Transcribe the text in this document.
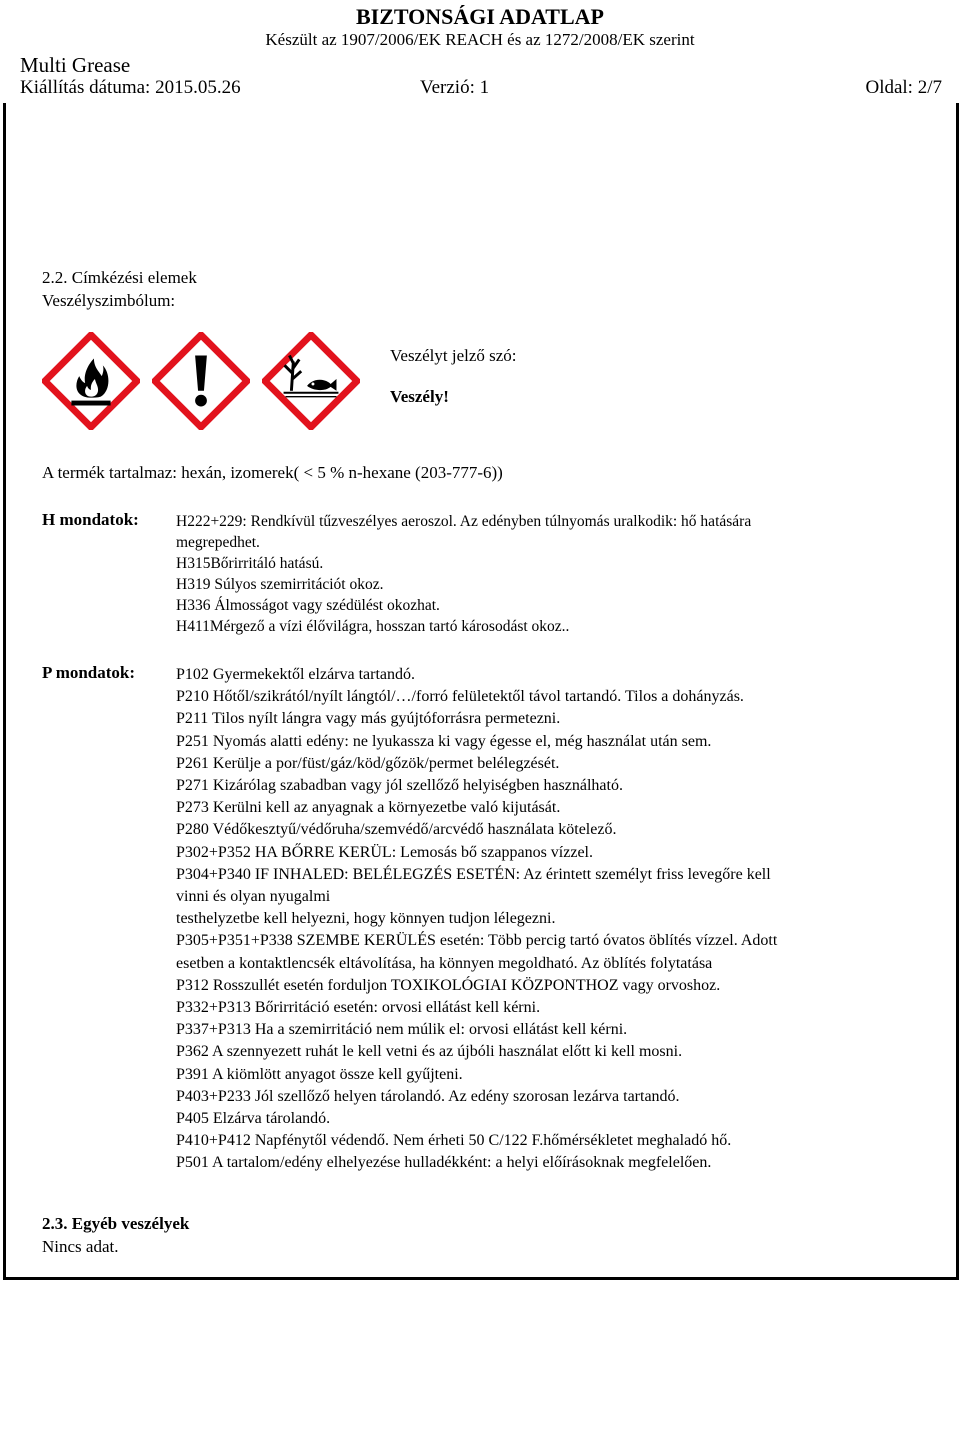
BIZTONSÁGI ADATLAP
Készült az 1907/2006/EK REACH és az 1272/2008/EK szerint
Multi Grease
Kiállítás dátuma: 2015.05.26	Verzió: 1	Oldal: 2/7
2.2. Címkézési elemek
Veszélyszimbólum:
Veszélyt jelző szó:
Veszély!
A termék tartalmaz: hexán, izomerek( < 5 % n-hexane (203-777-6))
H mondatok: H222+229: Rendkívül tűzveszélyes aeroszol. Az edényben túlnyomás uralkodik: hő hatására
megrepedhet.
H315Bőrirritáló hatású.
H319 Súlyos szemirritációt okoz.
H336 Álmosságot vagy szédülést okozhat.
H411Mérgező a vízi élővilágra, hosszan tartó károsodást okoz..
P mondatok:	P102 Gyermekektől elzárva tartandó.
P210 Hőtől/szikrától/nyílt lángtól/…/forró felületektől távol tartandó. Tilos a dohányzás.
P211 Tilos nyílt lángra vagy más gyújtóforrásra permetezni.
P251 Nyomás alatti edény: ne lyukassza ki vagy égesse el, még használat után sem.
P261 Kerülje a por/füst/gáz/köd/gőzök/permet belélegzését.
P271 Kizárólag szabadban vagy jól szellőző helyiségben használható.
P273 Kerülni kell az anyagnak a környezetbe való kijutását.
P280 Védőkesztyű/védőruha/szemvédő/arcvédő használata kötelező.
P302+P352 HA BŐRRE KERÜL: Lemosás bő szappanos vízzel.
P304+P340 IF INHALED: BELÉLEGZÉS ESETÉN: Az érintett személyt friss levegőre kell
vinni és olyan nyugalmi
testhelyzetbe kell helyezni, hogy könnyen tudjon lélegezni.
P305+P351+P338 SZEMBE KERÜLÉS esetén: Több percig tartó óvatos öblítés vízzel. Adott
esetben a kontaktlencsék eltávolítása, ha könnyen megoldható. Az öblítés folytatása
P312 Rosszullét esetén forduljon TOXIKOLÓGIAI KÖZPONTHOZ vagy orvoshoz.
P332+P313 Bőrirritáció esetén: orvosi ellátást kell kérni.
P337+P313 Ha a szemirritáció nem múlik el: orvosi ellátást kell kérni.
P362 A szennyezett ruhát le kell vetni és az újbóli használat előtt ki kell mosni.
P391 A kiömlött anyagot össze kell gyűjteni.
P403+P233 Jól szellőző helyen tárolandó. Az edény szorosan lezárva tartandó.
P405 Elzárva tárolandó.
P410+P412 Napfénytől védendő. Nem érheti 50 C/122 F.hőmérsékletet meghaladó hő.
P501 A tartalom/edény elhelyezése hulladékként: a helyi előírásoknak megfelelően.
2.3. Egyéb veszélyek
Nincs adat.
